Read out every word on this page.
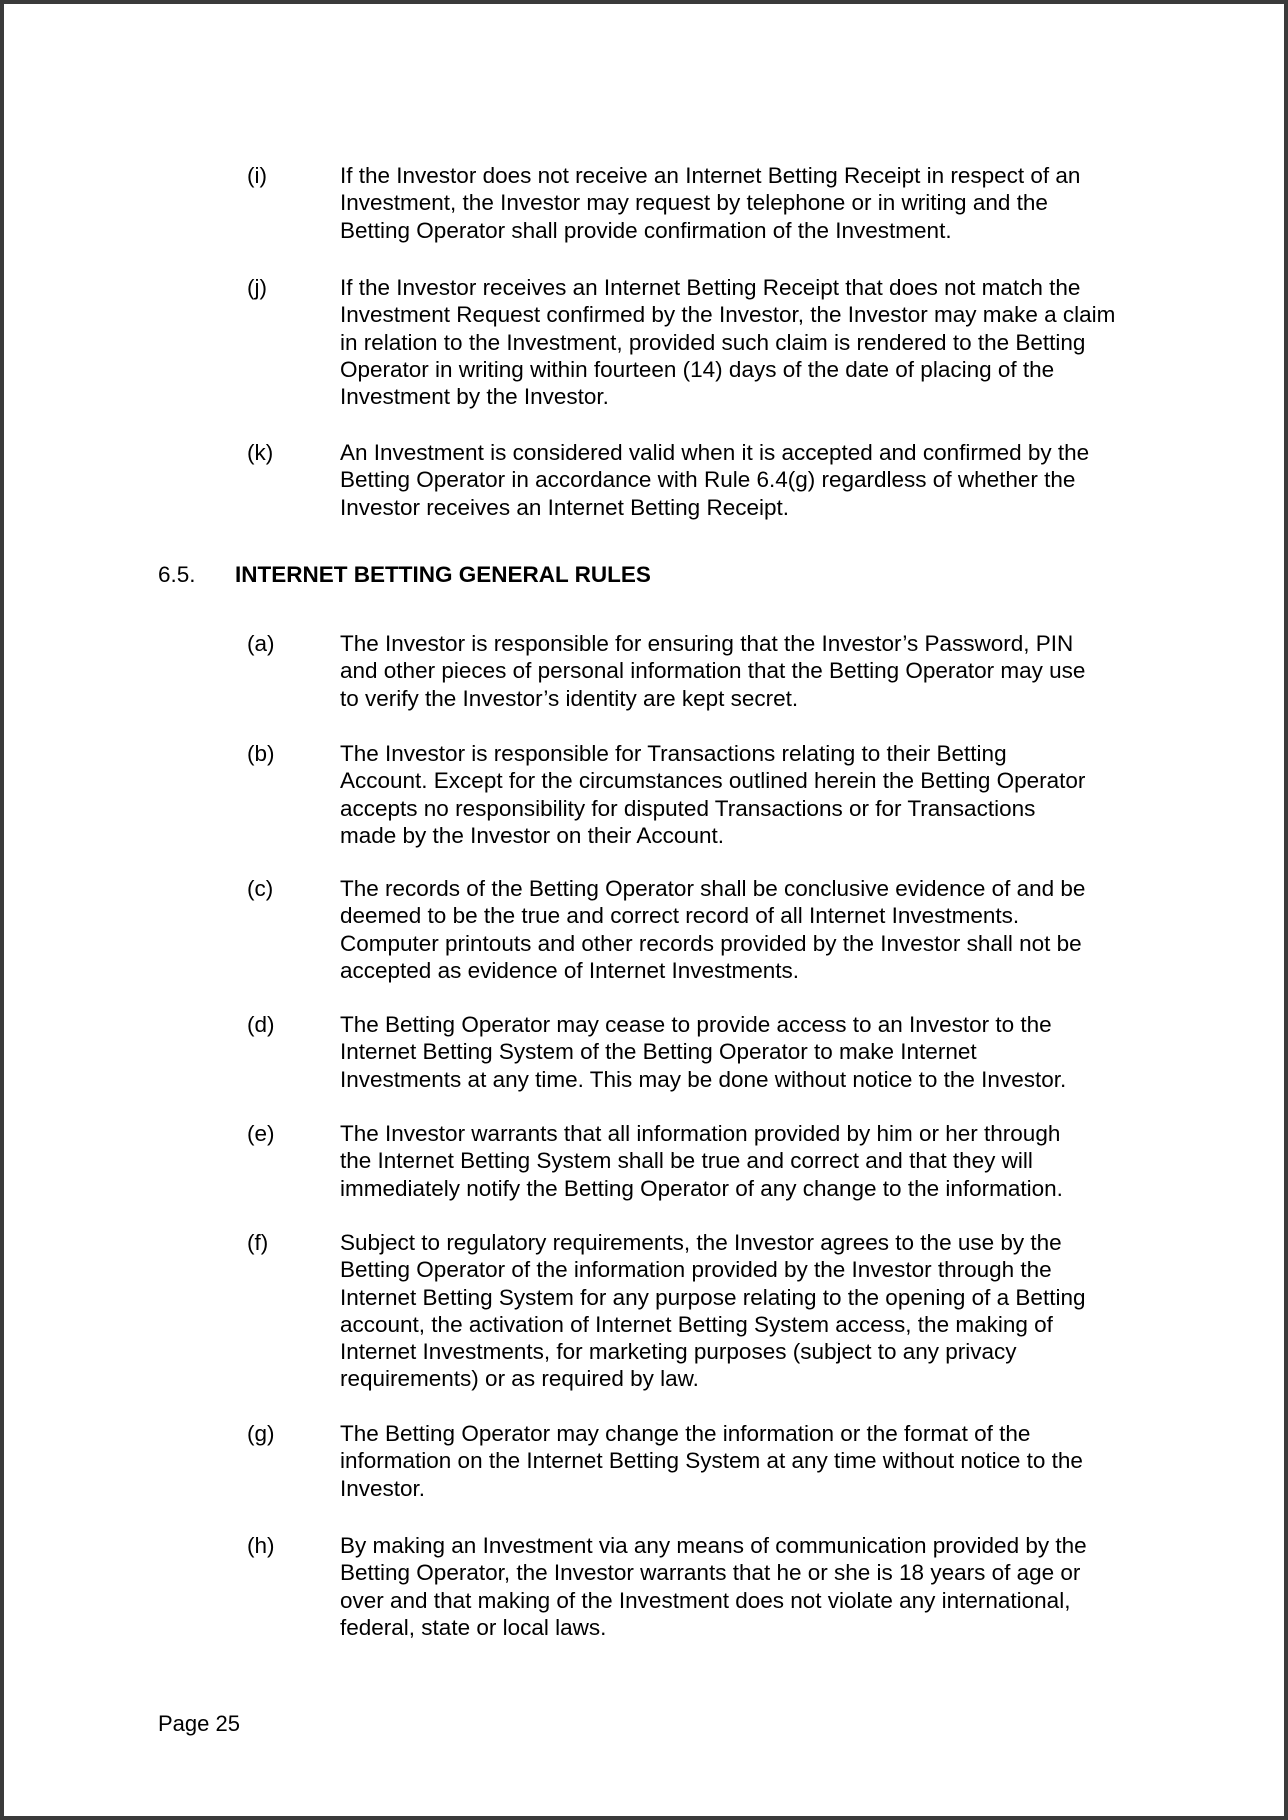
(i)	If the Investor does not receive an Internet Betting Receipt in respect of an
Investment, the Investor may request by telephone or in writing and the
Betting Operator shall provide confirmation of the Investment.
(j)	If the Investor receives an Internet Betting Receipt that does not match the
Investment Request confirmed by the Investor, the Investor may make a claim
in relation to the Investment, provided such claim is rendered to the Betting
Operator in writing within fourteen (14) days of the date of placing of the
Investment by the Investor.
(k)	An Investment is considered valid when it is accepted and confirmed by the
Betting Operator in accordance with Rule 6.4(g) regardless of whether the
Investor receives an Internet Betting Receipt.
6.5. INTERNET BETTING GENERAL RULES
(a)	The Investor is responsible for ensuring that the Investor’s Password, PIN
and other pieces of personal information that the Betting Operator may use
to verify the Investor’s identity are kept secret.
(b)	The Investor is responsible for Transactions relating to their Betting
Account. Except for the circumstances outlined herein the Betting Operator
accepts no responsibility for disputed Transactions or for Transactions
made by the Investor on their Account.
(c)	The records of the Betting Operator shall be conclusive evidence of and be
deemed to be the true and correct record of all Internet Investments.
Computer printouts and other records provided by the Investor shall not be
accepted as evidence of Internet Investments.
(d)	The Betting Operator may cease to provide access to an Investor to the
Internet Betting System of the Betting Operator to make Internet
Investments at any time. This may be done without notice to the Investor.
(e)	The Investor warrants that all information provided by him or her through
the Internet Betting System shall be true and correct and that they will
immediately notify the Betting Operator of any change to the information.
(f)	Subject to regulatory requirements, the Investor agrees to the use by the
Betting Operator of the information provided by the Investor through the
Internet Betting System for any purpose relating to the opening of a Betting
account, the activation of Internet Betting System access, the making of
Internet Investments, for marketing purposes (subject to any privacy
requirements) or as required by law.
(g)	The Betting Operator may change the information or the format of the
information on the Internet Betting System at any time without notice to the
Investor.
(h)	By making an Investment via any means of communication provided by the
Betting Operator, the Investor warrants that he or she is 18 years of age or
over and that making of the Investment does not violate any international,
federal, state or local laws.
Page 25
